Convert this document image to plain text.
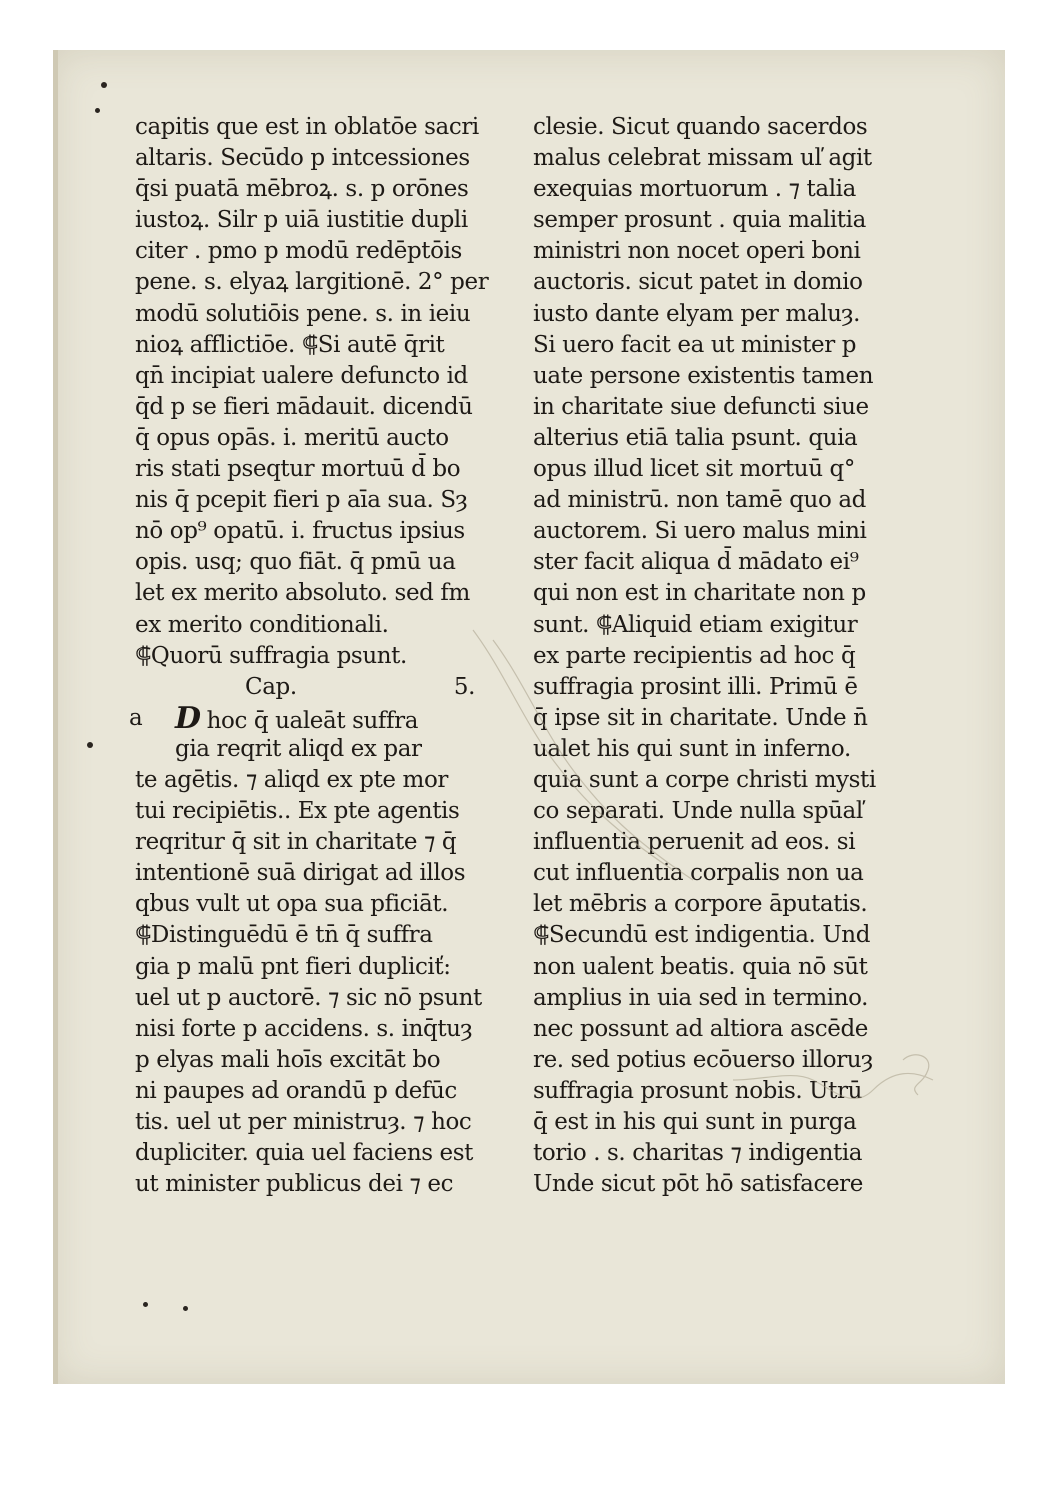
capitis que est in oblatōe sacri
altaris. Secūdo p intcessiones
q̄si puatā mēbroꝝ. s. p orōnes
iustoꝝ. Silr p uiā iustitie dupli
citer . pmo p modū redēptōis
pene. s. elyaꝝ largitionē. 2° per
modū solutiōis pene. s. in ieiu
nioꝝ afflictiōe. ⸿Si autē q̄rit
qn̄ incipiat ualere defuncto id
q̄d p se fieri mādauit. dicendū
q̄ opus opās. i. meritū aucto
ris stati pseqtur mortuū d̄ bo
nis q̄ pcepit fieri p aīa sua. Sȝ
nō op⁹ opatū. i. fructus ipsius
opis. usq; quo fiāt. q̄ pmū ua
let ex merito absoluto. sed fm
ex merito conditionali.
⸿Quorū suffragia psunt.
Cap.	5.
a D hoc q̄ ualeāt suffra
gia reqrit aliqd ex par
te agētis. ⁊ aliqd ex pte mor
tui recipiētis.. Ex pte agentis
reqritur q̄ sit in charitate ⁊ q̄
intentionē suā dirigat ad illos
qbus vult ut opa sua pficiāt.
⸿Distinguēdū ē tn̄ q̄ suffra
gia p malū pnt fieri dupliciť:
uel ut p auctorē. ⁊ sic nō psunt
nisi forte p accidens. s. inq̄tuȝ
p elyas mali hoīs excitāt bo
ni paupes ad orandū p defūc
tis. uel ut per ministruȝ. ⁊ hoc
dupliciter. quia uel faciens est
ut minister publicus dei ⁊ ec
clesie. Sicut quando sacerdos
malus celebrat missam uľ agit
exequias mortuorum . ⁊ talia
semper prosunt . quia malitia
ministri non nocet operi boni
auctoris. sicut patet in domio
iusto dante elyam per maluȝ.
Si uero facit ea ut minister p
uate persone existentis tamen
in charitate siue defuncti siue
alterius etiā talia psunt. quia
opus illud licet sit mortuū q°
ad ministrū. non tamē quo ad
auctorem. Si uero malus mini
ster facit aliqua d̄ mādato ei⁹
qui non est in charitate non p
sunt. ⸿Aliquid etiam exigitur
ex parte recipientis ad hoc q̄
suffragia prosint illi. Primū ē
q̄ ipse sit in charitate. Unde n̄
ualet his qui sunt in inferno.
quia sunt a corpe christi mysti
co separati. Unde nulla spūaľ
influentia peruenit ad eos. si
cut influentia corpalis non ua
let mēbris a corpore āputatis.
⸿Secundū est indigentia. Und
non ualent beatis. quia nō sūt
amplius in uia sed in termino.
nec possunt ad altiora ascēde
re. sed potius ecōuerso illoruȝ
suffragia prosunt nobis. Utrū
q̄ est in his qui sunt in purga
torio . s. charitas ⁊ indigentia
Unde sicut pōt hō satisfacere
